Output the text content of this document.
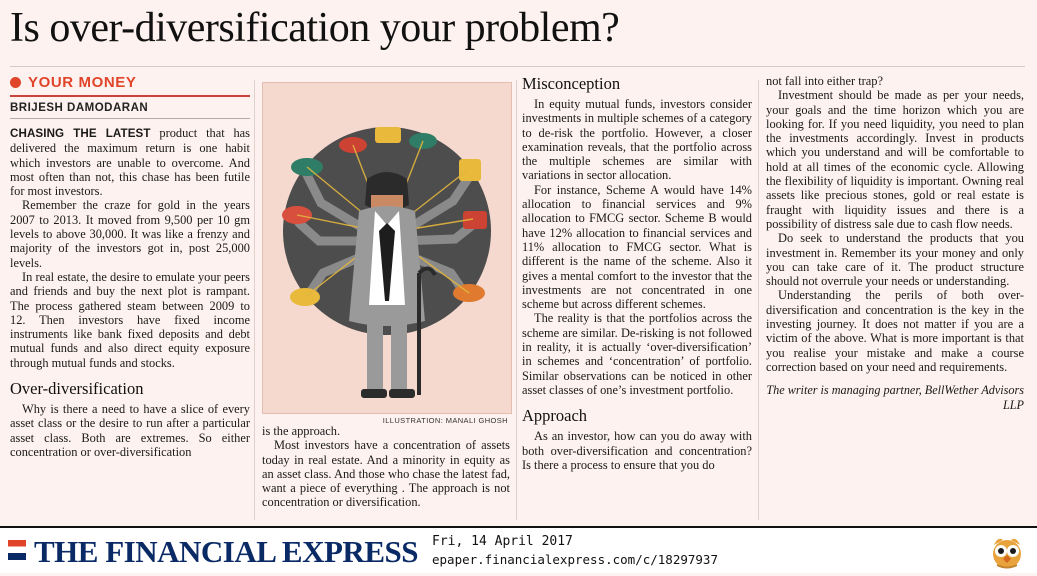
Is over-diversification your problem?
YOUR MONEY
BRIJESH DAMODARAN

CHASING THE LATEST product that has delivered the maximum return is one habit which investors are unable to overcome. And most often than not, this chase has been futile for most investors.

Remember the craze for gold in the years 2007 to 2013. It moved from 9,500 per 10 gm levels to above 30,000. It was like a frenzy and majority of the investors got in, post 25,000 levels.

In real estate, the desire to emulate your peers and friends and buy the next plot is rampant. The process gathered steam between 2009 to 12. Then investors have fixed income instruments like bank fixed deposits and debt mutual funds and also direct equity exposure through mutual funds and stocks.

Over-diversification

Why is there a need to have a slice of every asset class or the desire to run after a particular asset class. Both are extremes. So either concentration or over-diversification

ILLUSTRATION: MANALI GHOSH

is the approach.

Most investors have a concentration of assets today in real estate. And a minority in equity as an asset class. And those who chase the latest fad, want a piece of everything . The approach is not concentration or diversification.

Misconception

In equity mutual funds, investors consider investments in multiple schemes of a category to de-risk the portfolio. However, a closer examination reveals, that the portfolio across the multiple schemes are similar with variations in sector allocation.

For instance, Scheme A would have 14% allocation to financial services and 9% allocation to FMCG sector. Scheme B would have 12% allocation to financial services and 11% allocation to FMCG sector. What is different is the name of the scheme. Also it gives a mental comfort to the investor that the investments are not concentrated in one scheme but across different schemes.

The reality is that the portfolios across the scheme are similar. De-risking is not followed in reality, it is actually ‘over-diversification’ in schemes and ‘concentration’ of portfolio. Similar observations can be noticed in other asset classes of one’s investment portfolio.

Approach

As an investor, how can you do away with both over-diversification and concentration? Is there a process to ensure that you do

not fall into either trap?

Investment should be made as per your needs, your goals and the time horizon which you are looking for. If you need liquidity, you need to plan the investments accordingly. Invest in products which you understand and will be comfortable to hold at all times of the economic cycle. Allowing the flexibility of liquidity is important. Owning real assets like precious stones, gold or real estate is fraught with liquidity issues and there is a possibility of distress sale due to cash flow needs.

Do seek to understand the products that you investment in. Remember its your money and only you can take care of it. The product structure should not overrule your needs or understanding.

Understanding the perils of both over-diversification and concentration is the key in the investing journey. It does not matter if you are a victim of the above. What is more important is that you realise your mistake and make a course correction based on your need and requirements.

The writer is managing partner, BellWether Advisors LLP
THE FINANCIAL EXPRESS Fri, 14 April 2017
epaper.financialexpress.com/c/18297937
